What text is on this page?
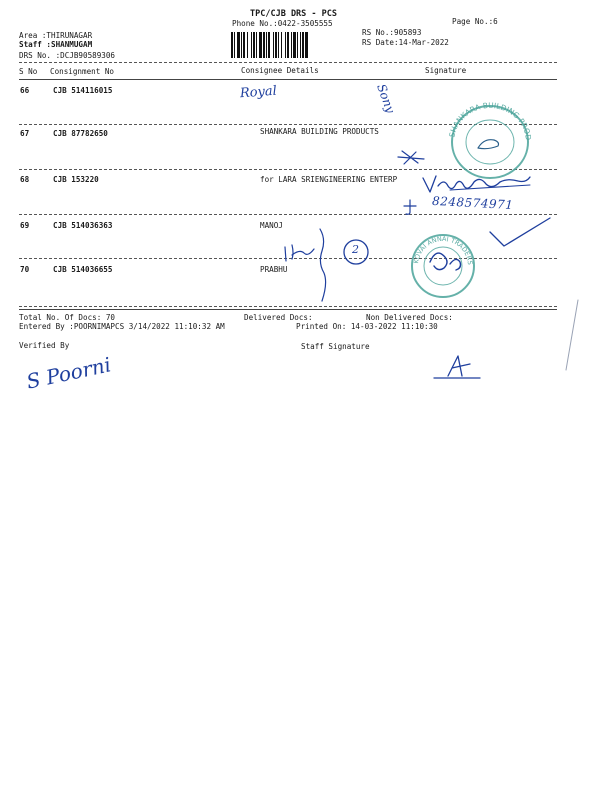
TPC/CJB DRS - PCS
Phone No.:0422-3505555	Page No.:6
Area :THIRUNAGAR
Staff :SHANMUGAM
DRS No. :DCJB90589306
RS No.:905893
RS Date:14-Mar-2022
S No Consignment No	Consignee Details	Signature
66	CJB 514116015
67	CJB 87782650	SHANKARA BUILDING PRODUCTS
68	CJB 153220	for LARA SRIENGINEERING ENTERP
69	CJB 514036363	MANOJ
70	CJB 514036655	PRABHU
Total No. Of Docs: 70	Delivered Docs:	Non Delivered Docs:
Entered By :POORNIMAPCS 3/14/2022 11:10:32 AM	Printed On: 14-03-2022 11:10:30
Verified By	Staff Signature
SHANKARA BUILDING PRODUCTS
KOVAI ANNAI TRADERS
Royal	Sony
8248574971
2
S Poorni
